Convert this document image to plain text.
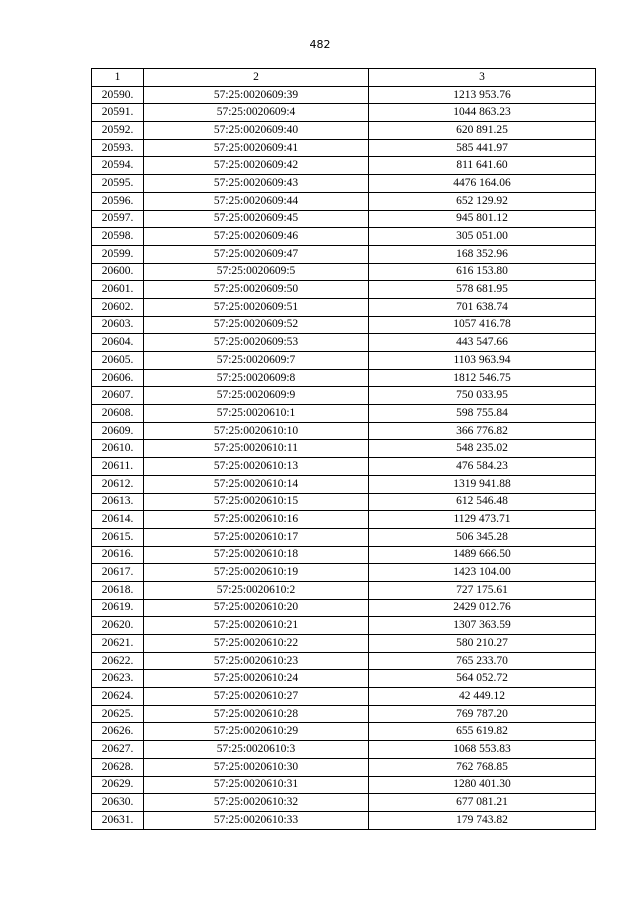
482
1	2	3
20590.	57:25:0020609:39	1213 953.76
20591.	57:25:0020609:4	1044 863.23
20592.	57:25:0020609:40	620 891.25
20593.	57:25:0020609:41	585 441.97
20594.	57:25:0020609:42	811 641.60
20595.	57:25:0020609:43	4476 164.06
20596.	57:25:0020609:44	652 129.92
20597.	57:25:0020609:45	945 801.12
20598.	57:25:0020609:46	305 051.00
20599.	57:25:0020609:47	168 352.96
20600.	57:25:0020609:5	616 153.80
20601.	57:25:0020609:50	578 681.95
20602.	57:25:0020609:51	701 638.74
20603.	57:25:0020609:52	1057 416.78
20604.	57:25:0020609:53	443 547.66
20605.	57:25:0020609:7	1103 963.94
20606.	57:25:0020609:8	1812 546.75
20607.	57:25:0020609:9	750 033.95
20608.	57:25:0020610:1	598 755.84
20609.	57:25:0020610:10	366 776.82
20610.	57:25:0020610:11	548 235.02
20611.	57:25:0020610:13	476 584.23
20612.	57:25:0020610:14	1319 941.88
20613.	57:25:0020610:15	612 546.48
20614.	57:25:0020610:16	1129 473.71
20615.	57:25:0020610:17	506 345.28
20616.	57:25:0020610:18	1489 666.50
20617.	57:25:0020610:19	1423 104.00
20618.	57:25:0020610:2	727 175.61
20619.	57:25:0020610:20	2429 012.76
20620.	57:25:0020610:21	1307 363.59
20621.	57:25:0020610:22	580 210.27
20622.	57:25:0020610:23	765 233.70
20623.	57:25:0020610:24	564 052.72
20624.	57:25:0020610:27	42 449.12
20625.	57:25:0020610:28	769 787.20
20626.	57:25:0020610:29	655 619.82
20627.	57:25:0020610:3	1068 553.83
20628.	57:25:0020610:30	762 768.85
20629.	57:25:0020610:31	1280 401.30
20630.	57:25:0020610:32	677 081.21
20631.	57:25:0020610:33	179 743.82
